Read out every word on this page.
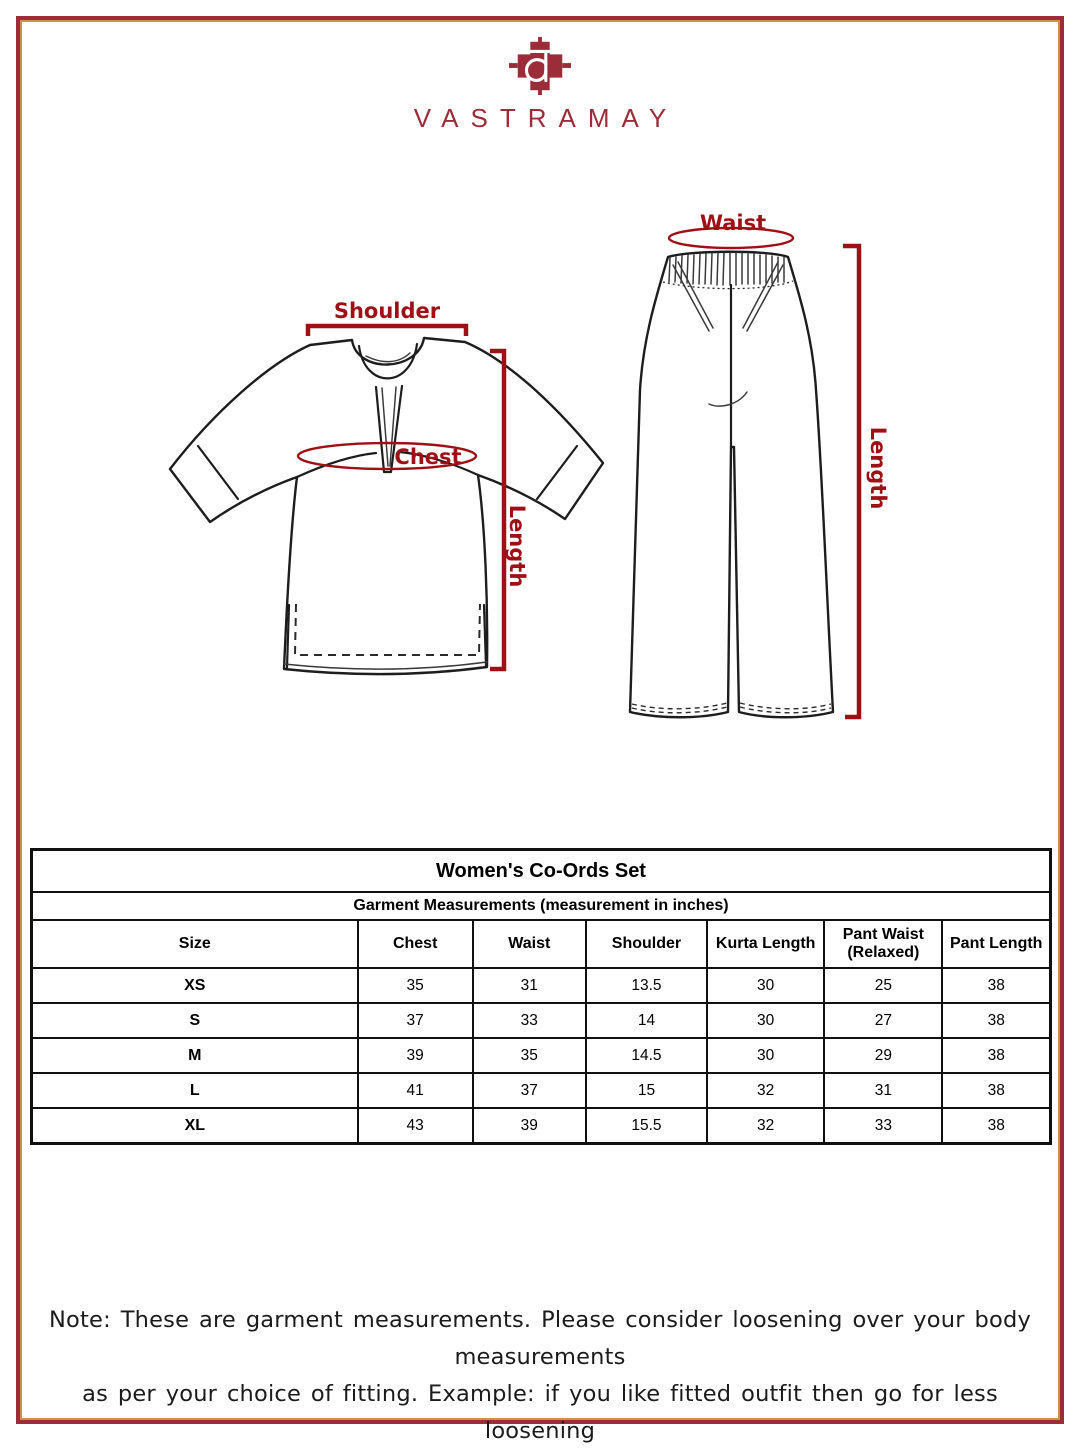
VASTRAMAY
Shoulder
Chest
Length
Waist
Length
Women's Co-Ords Set						
Garment Measurements (measurement in inches)						
Size	Chest	Waist	Shoulder	Kurta Length	Pant Waist (Relaxed)	Pant Length
XS	35	31	13.5	30	25	38
S	37	33	14	30	27	38
M	39	35	14.5	30	29	38
L	41	37	15	32	31	38
XL	43	39	15.5	32	33	38
Note: These are garment measurements. Please consider loosening over your body measurements
as per your choice of fitting. Example: if you like fitted outfit then go for less loosening
